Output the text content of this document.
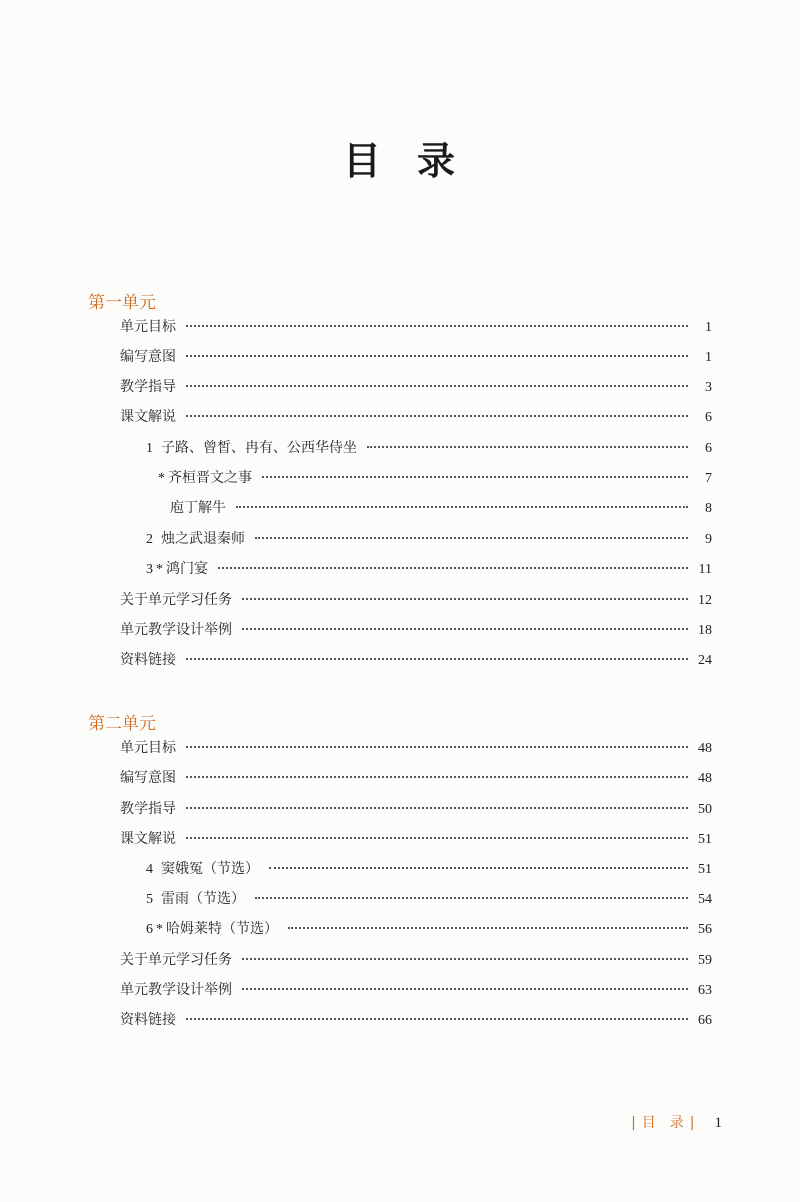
目 录
第一单元
单元目标	1
编写意图	1
教学指导	3
课文解说	6
1 子路、曾皙、冉有、公西华侍坐	6
* 齐桓晋文之事	7
庖丁解牛	8
2 烛之武退秦师	9
3 * 鸿门宴	11
关于单元学习任务	12
单元教学设计举例	18
资料链接	24
第二单元
单元目标	48
编写意图	48
教学指导	50
课文解说	51
4 窦娥冤（节选）	51
5 雷雨（节选）	54
6 * 哈姆莱特（节选）	56
关于单元学习任务	59
单元教学设计举例	63
资料链接	66
| 目　录 | 1
